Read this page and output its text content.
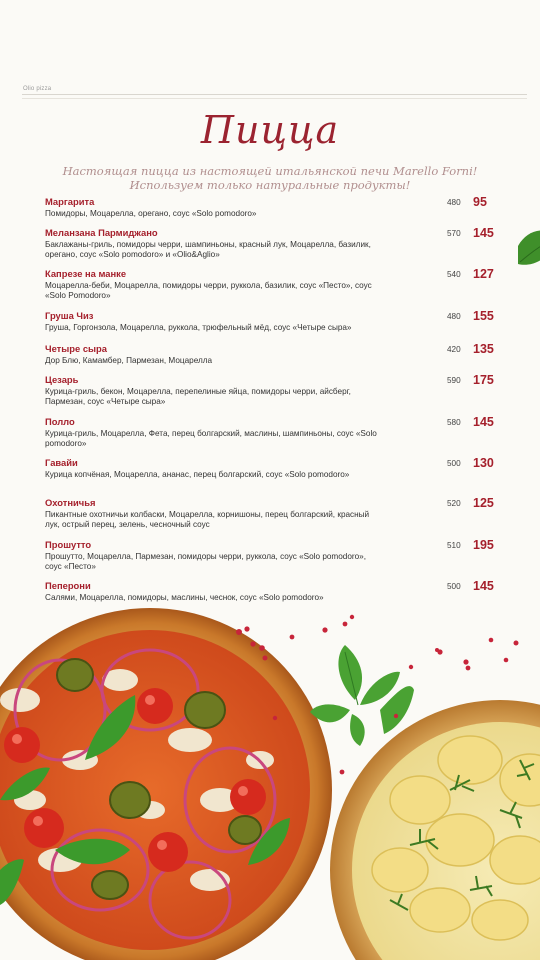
Olio pizza
Пицца
Настоящая пицца из настоящей итальянской печи Marello Forni!
Используем только натуральные продукты!
Маргарита
Помидоры, Моцарелла, орегано, соус «Solo pomodoro»
480 95
Меланзана Пармиджано
Баклажаны-гриль, помидоры черри, шампиньоны, красный лук, Моцарелла, базилик, орегано, соус «Solo pomodoro» и «Olio&Aglio»
570 145
Капрезе на манке
Моцарелла-беби, Моцарелла, помидоры черри, руккола, базилик, соус «Песто», соус «Solo Pomodoro»
540 127
Груша Чиз
Груша, Горгонзола, Моцарелла, руккола, трюфельный мёд, соус «Четыре сыра»
480 155
Четыре сыра
Дор Блю, Камамбер, Пармезан, Моцарелла
420 135
Цезарь
Курица-гриль, бекон, Моцарелла, перепелиные яйца, помидоры черри, айсберг, Пармезан, соус «Четыре сыра»
590 175
Полло
Курица-гриль, Моцарелла, Фета, перец болгарский, маслины, шампиньоны, соус «Solo pomodoro»
580 145
Гавайи
Курица копчёная, Моцарелла, ананас, перец болгарский, соус «Solo pomodoro»
500 130
Охотничья
Пикантные охотничьи колбаски, Моцарелла, корнишоны, перец болгарский, красный лук, острый перец, зелень, чесночный соус
520 125
Прошутто
Прошутто, Моцарелла, Пармезан, помидоры черри, руккола, соус «Solo pomodoro», соус «Песто»
510 195
Пеперони
Салями, Моцарелла, помидоры, маслины, чеснок, соус «Solo pomodoro»
500 145
